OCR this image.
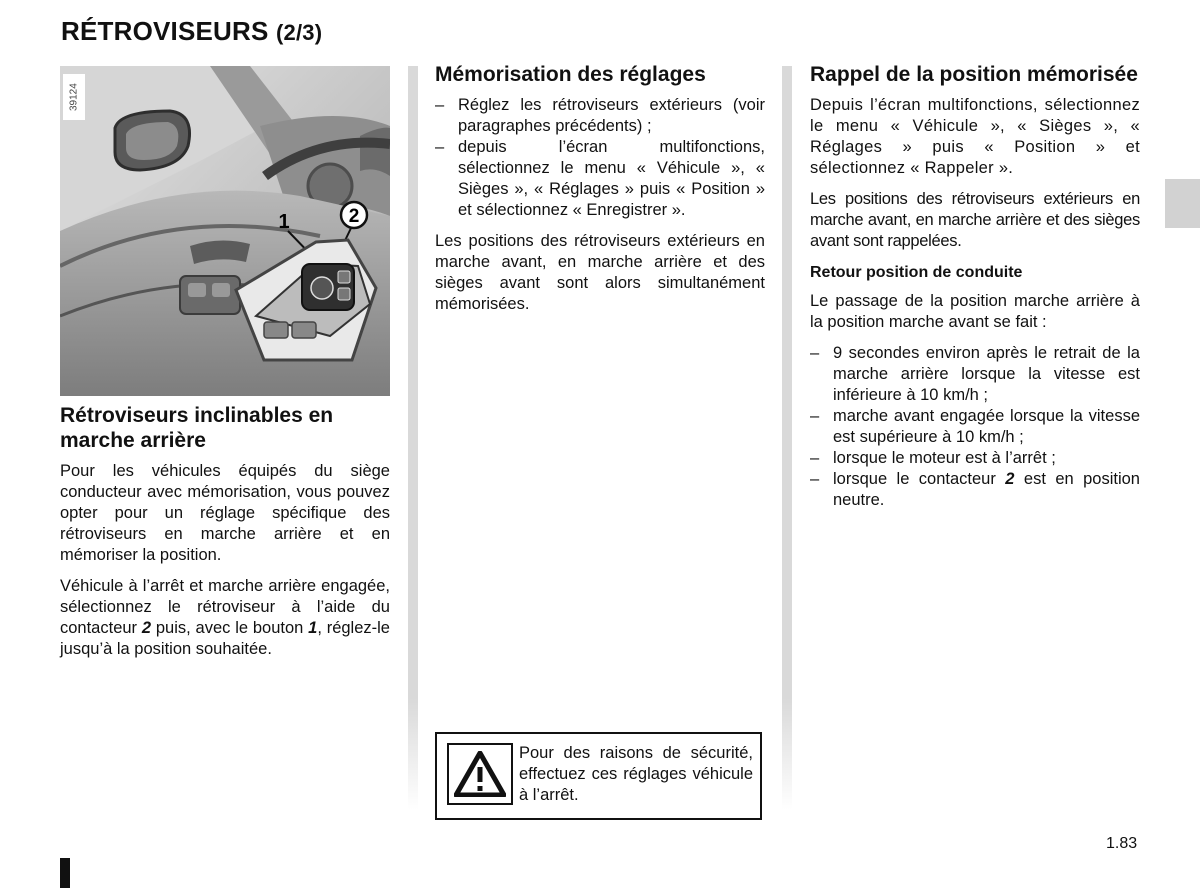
RÉTROVISEURS (2/3)
2
1
39124
Rétroviseurs inclinables en marche arrière

Pour les véhicules équipés du siège conducteur avec mémorisation, vous pouvez opter pour un réglage spécifique des rétroviseurs en marche arrière et en mémoriser la position.

Véhicule à l’arrêt et marche arrière engagée, sélectionnez le rétroviseur à l’aide du contacteur 2 puis, avec le bouton 1, réglez-le jusqu’à la position souhaitée.

Mémorisation des réglages
– Réglez les rétroviseurs extérieurs (voir paragraphes précédents) ;
– depuis l’écran multifonctions, sélectionnez le menu « Véhicule », « Sièges », « Réglages » puis « Position » et sélectionnez « Enregistrer ».

Les positions des rétroviseurs extérieurs en marche avant, en marche arrière et des sièges avant sont alors simultanément mémorisées.

Pour des raisons de sécurité, effectuez ces réglages véhicule à l’arrêt.
Rappel de la position mémorisée

Depuis l’écran multifonctions, sélectionnez le menu « Véhicule », « Sièges », « Réglages » puis « Position » et sélectionnez « Rappeler ».

Les positions des rétroviseurs extérieurs en marche avant, en marche arrière et des sièges avant sont rappelées.

Retour position de conduite

Le passage de la position marche arrière à la position marche avant se fait :

– 9 secondes environ après le retrait de la marche arrière lorsque la vitesse est inférieure à 10 km/h ;
– marche avant engagée lorsque la vitesse est supérieure à 10 km/h ;
– lorsque le moteur est à l’arrêt ;
– lorsque le contacteur 2 est en position neutre.
1.83
